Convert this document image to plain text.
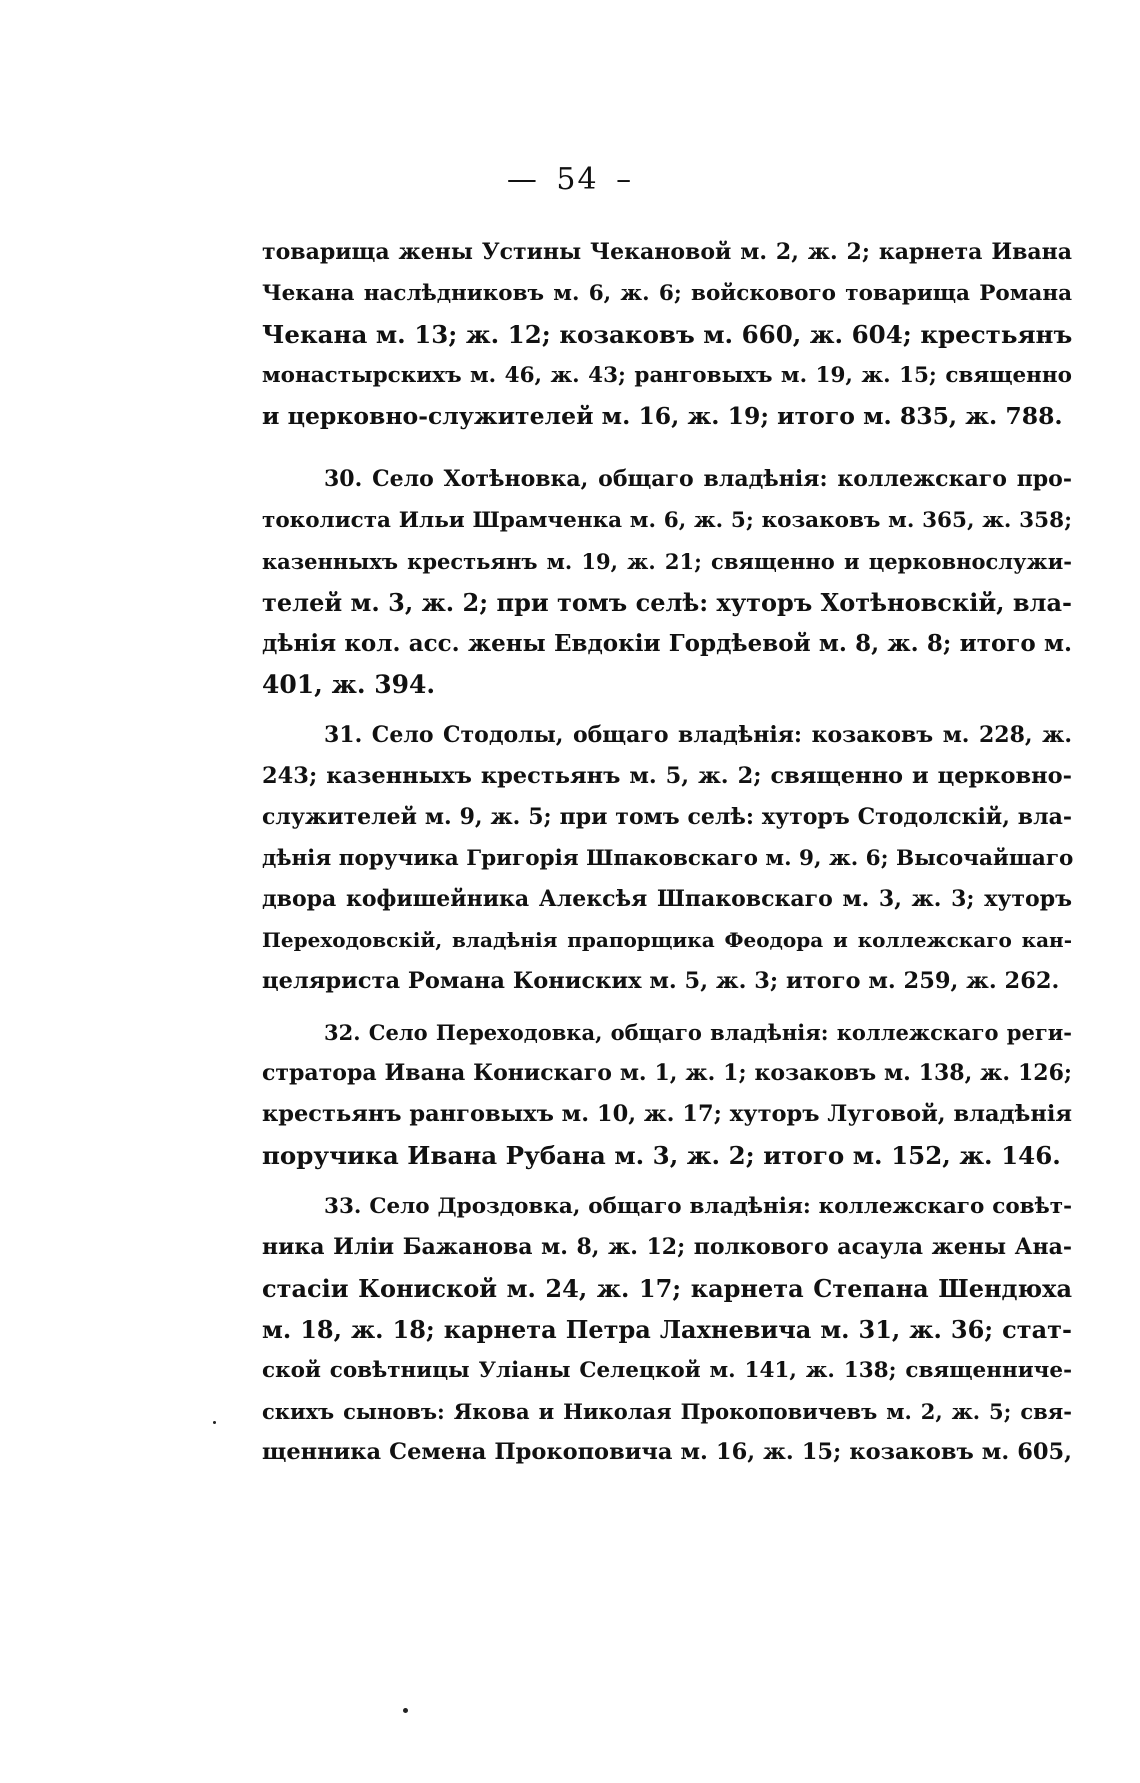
— 54 –
товарища жены Устины Чекановой м. 2, ж. 2; карнета Ивана
Чекана наслѣдниковъ м. 6, ж. 6; войскового товарища Романа
Чекана м. 13; ж. 12; козаковъ м. 660, ж. 604; крестьянъ
монастырскихъ м. 46, ж. 43; ранговыхъ м. 19, ж. 15; священно
и церковно-служителей м. 16, ж. 19; итого м. 835, ж. 788.
30. Село Хотѣновка, общаго владѣнія: коллежскаго про-
токолиста Ильи Шрамченка м. 6, ж. 5; козаковъ м. 365, ж. 358;
казенныхъ крестьянъ м. 19, ж. 21; священно и церковнослужи-
телей м. 3, ж. 2; при томъ селѣ: хуторъ Хотѣновскій, вла-
дѣнія кол. асс. жены Евдокіи Гордѣевой м. 8, ж. 8; итого м.
401, ж. 394.
31. Село Стодолы, общаго владѣнія: козаковъ м. 228, ж.
243; казенныхъ крестьянъ м. 5, ж. 2; священно и церковно-
служителей м. 9, ж. 5; при томъ селѣ: хуторъ Стодолскій, вла-
дѣнія поручика Григорія Шпаковскаго м. 9, ж. 6; Высочайшаго
двора кофишейника Алексѣя Шпаковскаго м. 3, ж. 3; хуторъ
Переходовскій, владѣнія прапорщика Феодора и коллежскаго кан-
целяриста Романа Кониских м. 5, ж. 3; итого м. 259, ж. 262.
32. Село Переходовка, общаго владѣнія: коллежскаго реги-
стратора Ивана Конискаго м. 1, ж. 1; козаковъ м. 138, ж. 126;
крестьянъ ранговыхъ м. 10, ж. 17; хуторъ Луговой, владѣнія
поручика Ивана Рубана м. 3, ж. 2; итого м. 152, ж. 146.
33. Село Дроздовка, общаго владѣнія: коллежскаго совѣт-
ника Иліи Бажанова м. 8, ж. 12; полкового асаула жены Ана-
стасіи Кониской м. 24, ж. 17; карнета Степана Шендюха
м. 18, ж. 18; карнета Петра Лахневича м. 31, ж. 36; стат-
ской совѣтницы Уліаны Селецкой м. 141, ж. 138; священниче-
скихъ сыновъ: Якова и Николая Прокоповичевъ м. 2, ж. 5; свя-
щенника Семена Прокоповича м. 16, ж. 15; козаковъ м. 605,
